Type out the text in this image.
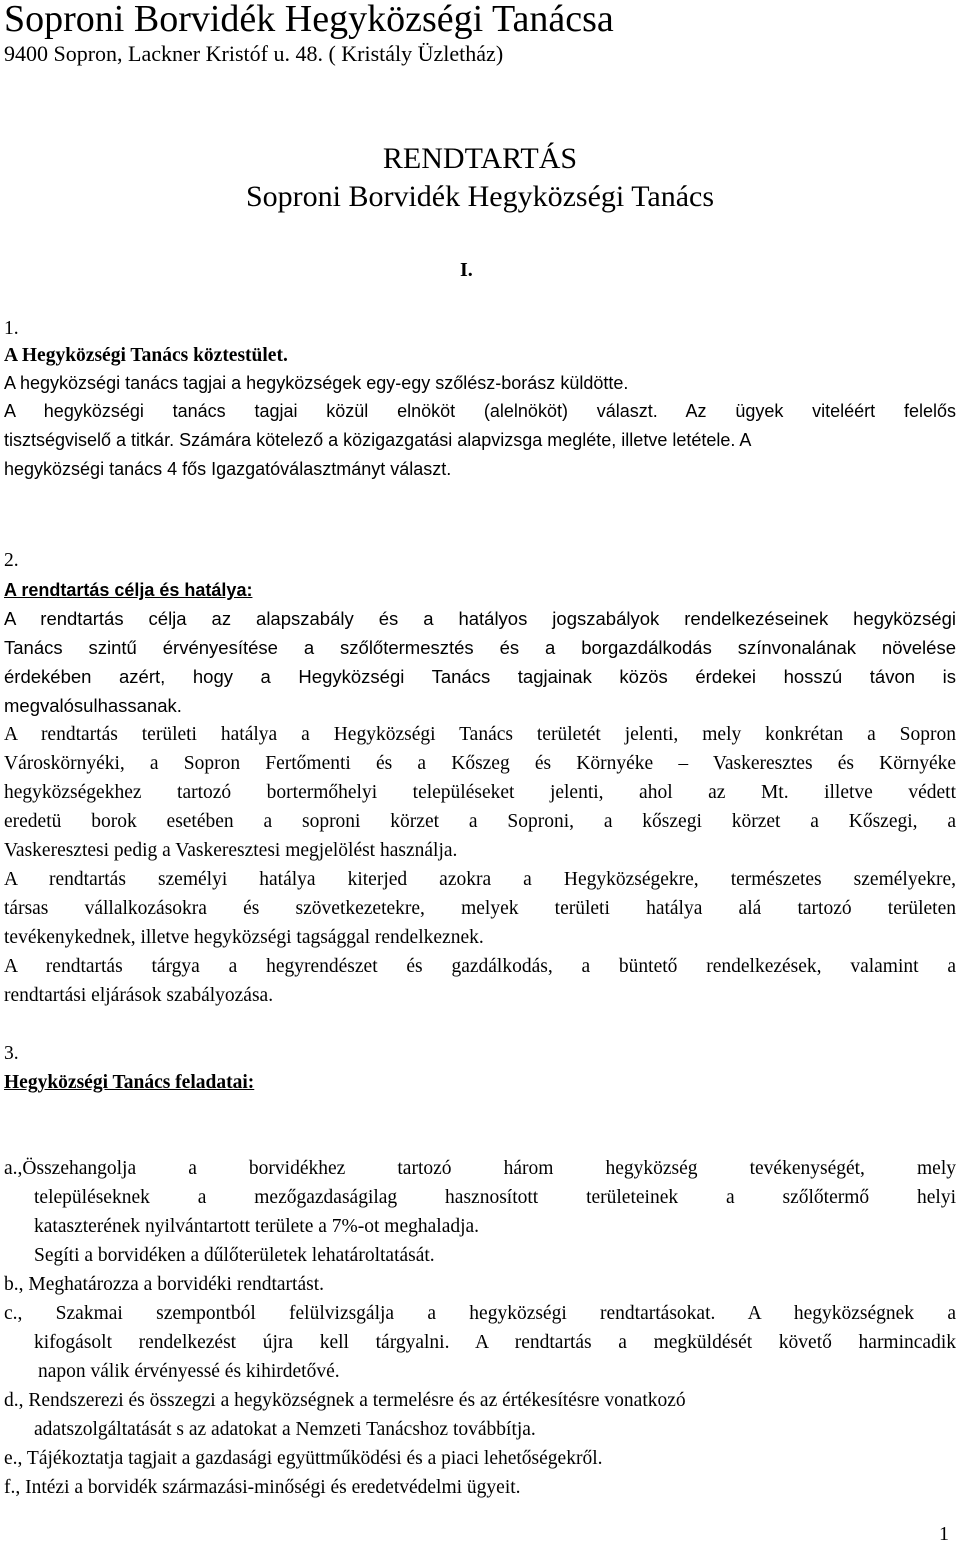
Soproni Borvidék Hegyközségi Tanácsa
9400 Sopron, Lackner Kristóf u. 48. ( Kristály Üzletház)
RENDTARTÁS
Soproni Borvidék Hegyközségi Tanács
I.
1.
A Hegyközségi Tanács köztestület.
A hegyközségi tanács tagjai a hegyközségek egy-egy szőlész-borász küldötte.
A hegyközségi tanács tagjai közül elnököt (alelnököt) választ. Az ügyek viteléért felelős
tisztségviselő a titkár. Számára kötelező a közigazgatási alapvizsga megléte, illetve letétele. A
hegyközségi tanács 4 fős Igazgatóválasztmányt választ.
2.
A rendtartás célja és hatálya:
A rendtartás célja az alapszabály és a hatályos jogszabályok rendelkezéseinek hegyközségi
Tanács szintű érvényesítése a szőlőtermesztés és a borgazdálkodás színvonalának növelése
érdekében azért, hogy a Hegyközségi Tanács tagjainak közös érdekei hosszú távon is
megvalósulhassanak.
A rendtartás területi hatálya a Hegyközségi Tanács területét jelenti, mely konkrétan a Sopron
Városkörnyéki, a Sopron Fertőmenti és a Kőszeg és Környéke – Vaskeresztes és Környéke
hegyközségekhez tartozó bortermőhelyi településeket jelenti, ahol az Mt. illetve védett
eredetü borok esetében a soproni körzet a Soproni, a kőszegi körzet a Kőszegi, a
Vaskeresztesi pedig a Vaskeresztesi megjelölést használja.
A rendtartás személyi hatálya kiterjed azokra a Hegyközségekre, természetes személyekre,
társas vállalkozásokra és szövetkezetekre, melyek területi hatálya alá tartozó területen
tevékenykednek, illetve hegyközségi tagsággal rendelkeznek.
A rendtartás tárgya a hegyrendészet és gazdálkodás, a büntető rendelkezések, valamint a
rendtartási eljárások szabályozása.
3.
Hegyközségi Tanács feladatai:
a.,Összehangolja a borvidékhez tartozó három hegyközség tevékenységét, mely
településeknek a mezőgazdaságilag hasznosított területeinek a szőlőtermő helyi
kataszterének nyilvántartott területe a 7%-ot meghaladja.
Segíti a borvidéken a dűlőterületek lehatároltatását.
b., Meghatározza a borvidéki rendtartást.
c., Szakmai szempontból felülvizsgálja a hegyközségi rendtartásokat. A hegyközségnek a
kifogásolt rendelkezést újra kell tárgyalni. A rendtartás a megküldését követő harmincadik
napon válik érvényessé és kihirdetővé.
d., Rendszerezi és összegzi a hegyközségnek a termelésre és az értékesítésre vonatkozó
adatszolgáltatását s az adatokat a Nemzeti Tanácshoz továbbítja.
e., Tájékoztatja tagjait a gazdasági együttműködési és a piaci lehetőségekről.
f., Intézi a borvidék származási-minőségi és eredetvédelmi ügyeit.
1
